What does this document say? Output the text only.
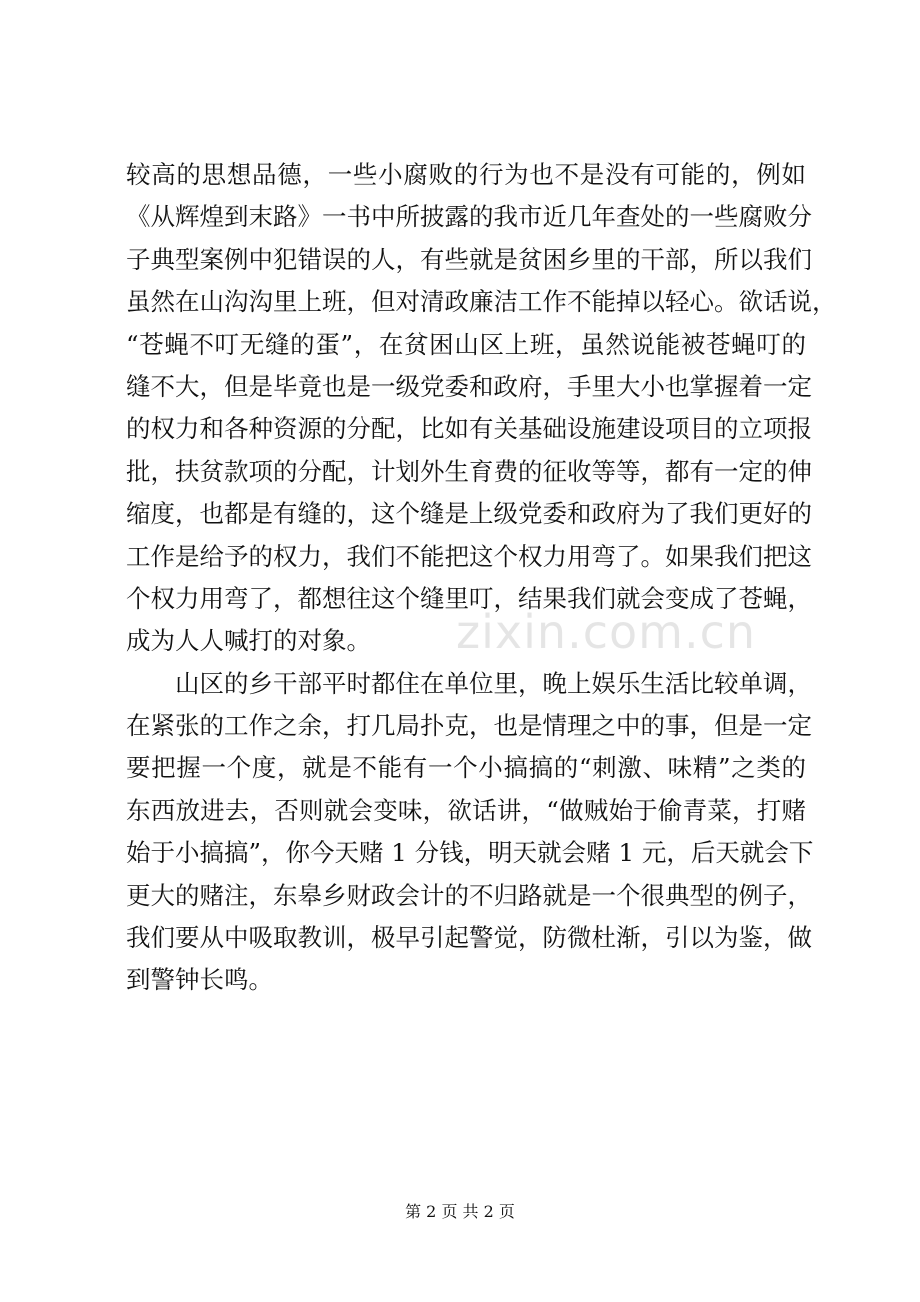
较高的思想品德，一些小腐败的行为也不是没有可能的，例如
《从辉煌到末路》一书中所披露的我市近几年查处的一些腐败分
子典型案例中犯错误的人，有些就是贫困乡里的干部，所以我们
虽然在山沟沟里上班，但对清政廉洁工作不能掉以轻心。欲话说，
“苍蝇不叮无缝的蛋”，在贫困山区上班，虽然说能被苍蝇叮的
缝不大，但是毕竟也是一级党委和政府，手里大小也掌握着一定
的权力和各种资源的分配，比如有关基础设施建设项目的立项报
批，扶贫款项的分配，计划外生育费的征收等等，都有一定的伸
缩度，也都是有缝的，这个缝是上级党委和政府为了我们更好的
工作是给予的权力，我们不能把这个权力用弯了。如果我们把这
个权力用弯了，都想往这个缝里叮，结果我们就会变成了苍蝇，
成为人人喊打的对象。
　　山区的乡干部平时都住在单位里，晚上娱乐生活比较单调，
在紧张的工作之余，打几局扑克，也是情理之中的事，但是一定
要把握一个度，就是不能有一个小搞搞的“刺激、味精”之类的
东西放进去，否则就会变味，欲话讲，“做贼始于偷青菜，打赌
始于小搞搞”，你今天赌 1 分钱，明天就会赌 1 元，后天就会下
更大的赌注，东皋乡财政会计的不归路就是一个很典型的例子，
我们要从中吸取教训，极早引起警觉，防微杜渐，引以为鉴，做
到警钟长鸣。
zixin.com.cn
第 2 页 共 2 页
